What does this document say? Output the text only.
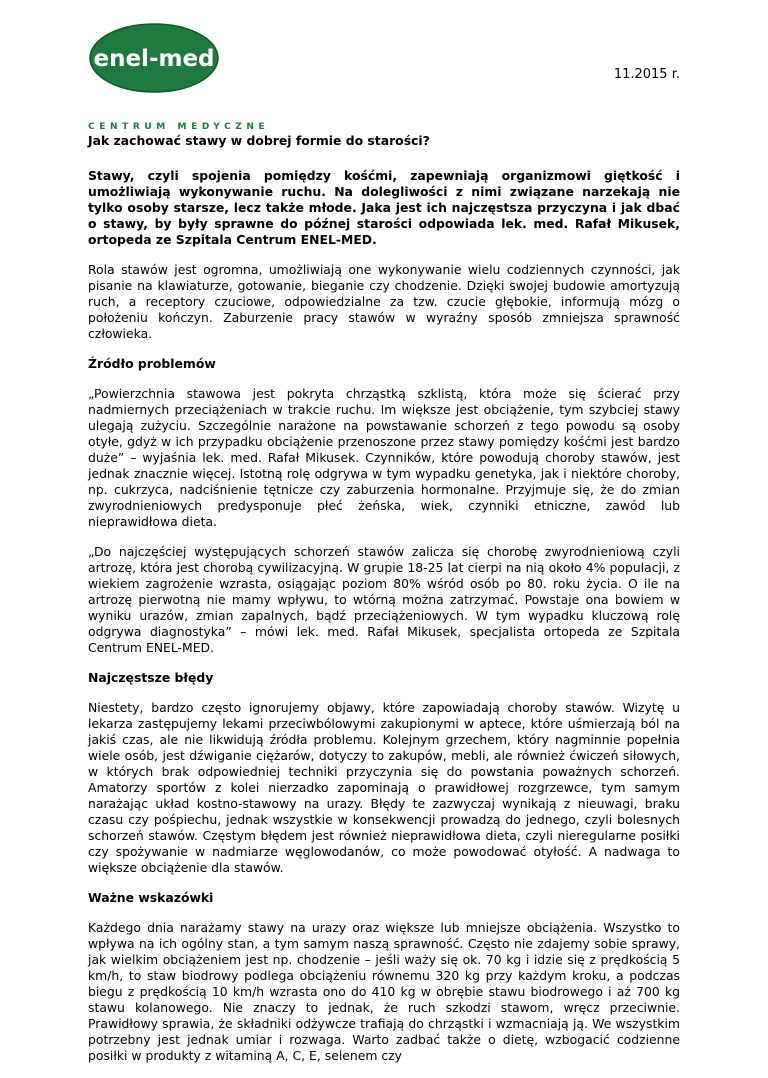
enel-med
CENTRUM MEDYCZNE
11.2015 r.

Jak zachować stawy w dobrej formie do starości?

Stawy, czyli spojenia pomiędzy kośćmi, zapewniają organizmowi giętkość i umożliwiają wykonywanie ruchu. Na dolegliwości z nimi związane narzekają nie tylko osoby starsze, lecz także młode. Jaka jest ich najczęstsza przyczyna i jak dbać o stawy, by były sprawne do późnej starości odpowiada lek. med. Rafał Mikusek, ortopeda ze Szpitala Centrum ENEL-MED.

Rola stawów jest ogromna, umożliwiają one wykonywanie wielu codziennych czynności, jak pisanie na klawiaturze, gotowanie, bieganie czy chodzenie. Dzięki swojej budowie amortyzują ruch, a receptory czuciowe, odpowiedzialne za tzw. czucie głębokie, informują mózg o położeniu kończyn. Zaburzenie pracy stawów w wyraźny sposób zmniejsza sprawność człowieka.

Źródło problemów

„Powierzchnia stawowa jest pokryta chrząstką szklistą, która może się ścierać przy nadmiernych przeciążeniach w trakcie ruchu. Im większe jest obciążenie, tym szybciej stawy ulegają zużyciu. Szczególnie narażone na powstawanie schorzeń z tego powodu są osoby otyłe, gdyż w ich przypadku obciążenie przenoszone przez stawy pomiędzy kośćmi jest bardzo duże” – wyjaśnia lek. med. Rafał Mikusek. Czynników, które powodują choroby stawów, jest jednak znacznie więcej. Istotną rolę odgrywa w tym wypadku genetyka, jak i niektóre choroby, np. cukrzyca, nadciśnienie tętnicze czy zaburzenia hormonalne. Przyjmuje się, że do zmian zwyrodnieniowych predysponuje płeć żeńska, wiek, czynniki etniczne, zawód lub nieprawidłowa dieta.

„Do najczęściej występujących schorzeń stawów zalicza się chorobę zwyrodnieniową czyli artrozę, która jest chorobą cywilizacyjną. W grupie 18-25 lat cierpi na nią około 4% populacji, z wiekiem zagrożenie wzrasta, osiągając poziom 80% wśród osób po 80. roku życia. O ile na artrozę pierwotną nie mamy wpływu, to wtórną można zatrzymać. Powstaje ona bowiem w wyniku urazów, zmian zapalnych, bądź przeciążeniowych. W tym wypadku kluczową rolę odgrywa diagnostyka” – mówi lek. med. Rafał Mikusek, specjalista ortopeda ze Szpitala Centrum ENEL-MED.

Najczęstsze błędy

Niestety, bardzo często ignorujemy objawy, które zapowiadają choroby stawów. Wizytę u lekarza zastępujemy lekami przeciwbólowymi zakupionymi w aptece, które uśmierzają ból na jakiś czas, ale nie likwidują źródła problemu. Kolejnym grzechem, który nagminnie popełnia wiele osób, jest dźwiganie ciężarów, dotyczy to zakupów, mebli, ale również ćwiczeń siłowych, w których brak odpowiedniej techniki przyczynia się do powstania poważnych schorzeń. Amatorzy sportów z kolei nierzadko zapominają o prawidłowej rozgrzewce, tym samym narażając układ kostno-stawowy na urazy. Błędy te zazwyczaj wynikają z nieuwagi, braku czasu czy pośpiechu, jednak wszystkie w konsekwencji prowadzą do jednego, czyli bolesnych schorzeń stawów. Częstym błędem jest również nieprawidłowa dieta, czyli nieregularne posiłki czy spożywanie w nadmiarze węglowodanów, co może powodować otyłość. A nadwaga to większe obciążenie dla stawów.

Ważne wskazówki

Każdego dnia narażamy stawy na urazy oraz większe lub mniejsze obciążenia. Wszystko to wpływa na ich ogólny stan, a tym samym naszą sprawność. Często nie zdajemy sobie sprawy, jak wielkim obciążeniem jest np. chodzenie – jeśli waży się ok. 70 kg i idzie się z prędkością 5 km/h, to staw biodrowy podlega obciążeniu równemu 320 kg przy każdym kroku, a podczas biegu z prędkością 10 km/h wzrasta ono do 410 kg w obrębie stawu biodrowego i aż 700 kg stawu kolanowego. Nie znaczy to jednak, że ruch szkodzi stawom, wręcz przeciwnie. Prawidłowy sprawia, że składniki odżywcze trafiają do chrząstki i wzmacniają ją. We wszystkim potrzebny jest jednak umiar i rozwaga. Warto zadbać także o dietę, wzbogacić codzienne posiłki w produkty z witaminą A, C, E, selenem czy
